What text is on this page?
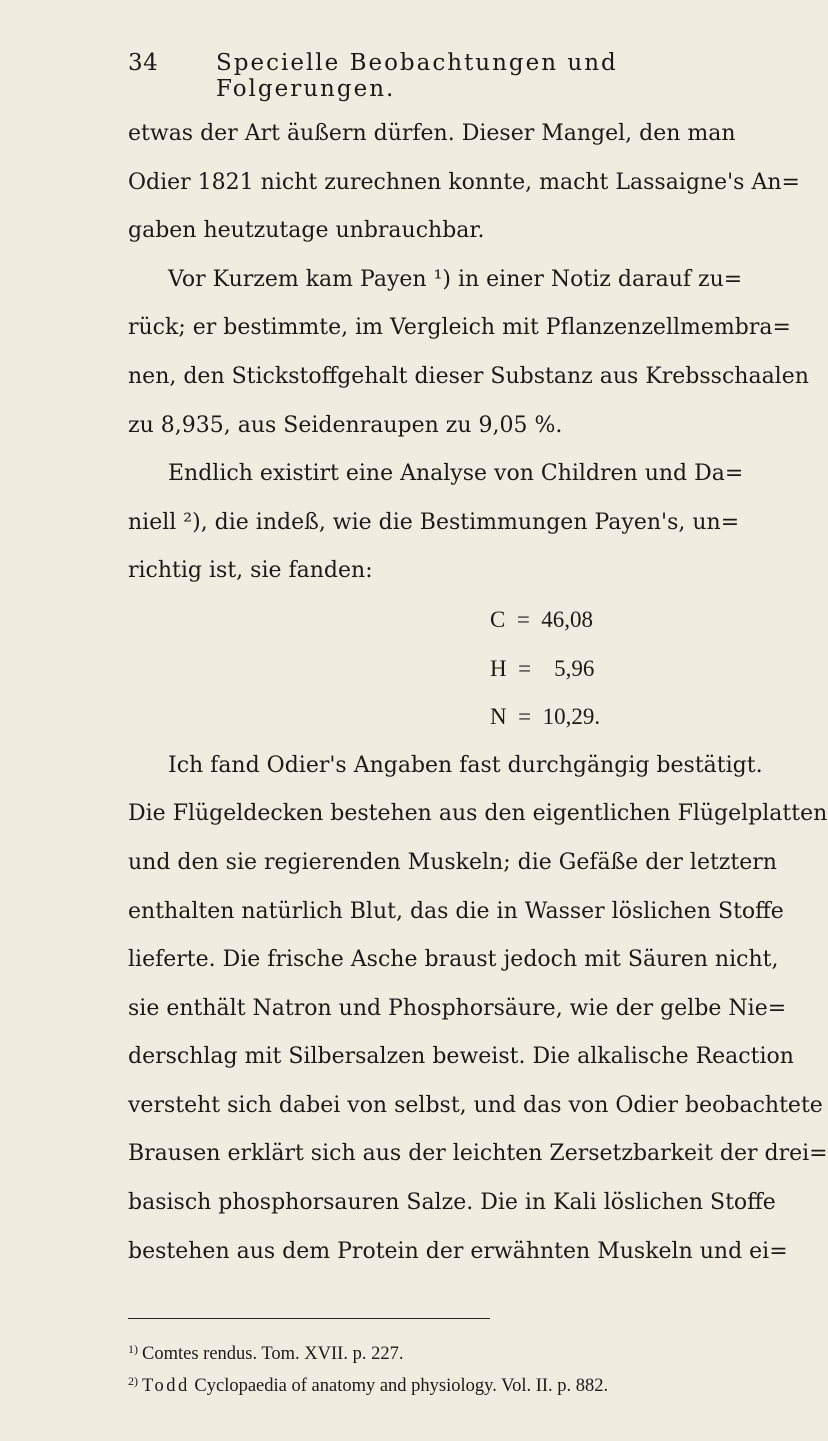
34	Specielle Beobachtungen und Folgerungen.
etwas der Art äußern dürfen. Dieser Mangel, den man
Odier 1821 nicht zurechnen konnte, macht Lassaigne's An=
gaben heutzutage unbrauchbar.
Vor Kurzem kam Payen ¹) in einer Notiz darauf zu=
rück; er bestimmte, im Vergleich mit Pflanzenzellmembra=
nen, den Stickstoffgehalt dieser Substanz aus Krebsschaalen
zu 8,935, aus Seidenraupen zu 9,05 %.
Endlich existirt eine Analyse von Children und Da=
niell ²), die indeß, wie die Bestimmungen Payen's, un=
richtig ist, sie fanden:
C  =  46,08
H  =    5,96
N  =  10,29.
Ich fand Odier's Angaben fast durchgängig bestätigt.
Die Flügeldecken bestehen aus den eigentlichen Flügelplatten
und den sie regierenden Muskeln; die Gefäße der letztern
enthalten natürlich Blut, das die in Wasser löslichen Stoffe
lieferte. Die frische Asche braust jedoch mit Säuren nicht,
sie enthält Natron und Phosphorsäure, wie der gelbe Nie=
derschlag mit Silbersalzen beweist. Die alkalische Reaction
versteht sich dabei von selbst, und das von Odier beobachtete
Brausen erklärt sich aus der leichten Zersetzbarkeit der drei=
basisch phosphorsauren Salze. Die in Kali löslichen Stoffe
bestehen aus dem Protein der erwähnten Muskeln und ei=
$^{1)}$ Comtes rendus. Tom. XVII. p. 227.
$^{2)}$ Todd Cyclopaedia of anatomy and physiology. Vol. II. p. 882.
